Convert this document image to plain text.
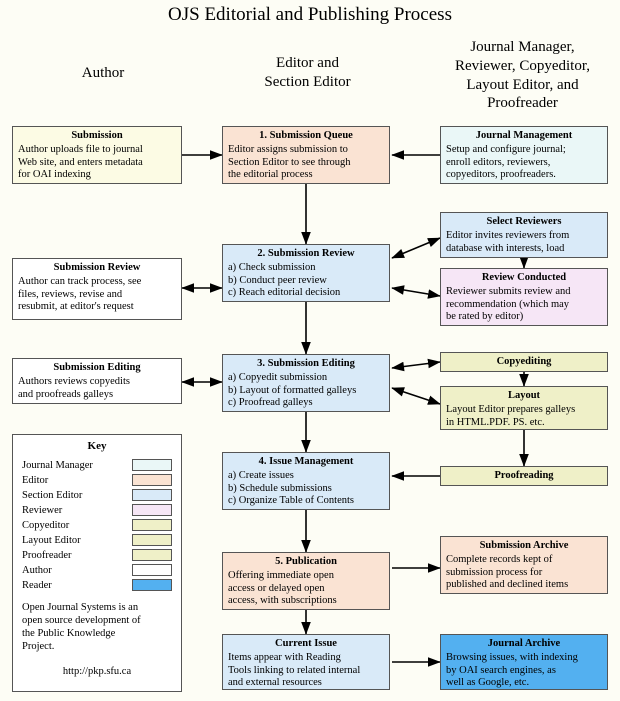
OJS Editorial and Publishing Process
Submission
Author uploads file to journal
Web site, and enters metadata
for OAI indexing
1. Submission Queue
Editor assigns submission to
Section Editor to see through
the editorial process
Journal Management
Setup and configure journal;
enroll editors, reviewers,
copyeditors, proofreaders.
Select Reviewers
Editor invites reviewers from
database with interests, load
2. Submission Review
a) Check submission
b) Conduct peer review
c) Reach editorial decision
Review Conducted
Reviewer submits review and
recommendation (which may
be rated by editor)
Submission Review
Author can track process, see
files, reviews, revise and
resubmit, at editor's request
Submission Editing
Authors reviews copyedits
and proofreads galleys
3. Submission Editing
a) Copyedit submission
b) Layout of formatted galleys
c) Proofread galleys
Copyediting
Layout
Layout Editor prepares galleys
in HTML.PDF. PS. etc.
Proofreading
4. Issue Management
a) Create issues
b) Schedule submissions
c) Organize Table of Contents
5. Publication
Offering immediate open
access or delayed open
access, with subscriptions
Submission Archive
Complete records kept of
submission process for
published and declined items
Current Issue
Items appear with Reading
Tools linking to related internal
and external resources
Journal Archive
Browsing issues, with indexing
by OAI search engines, as
well as Google, etc.
Key
Journal Manager
Editor
Section Editor
Reviewer
Copyeditor
Layout Editor
Proofreader
Author
Reader
Open Journal Systems is an
open source development of
the Public Knowledge
Project.
http://pkp.sfu.ca
Author
Editor and
Section Editor
Journal Manager,
Reviewer, Copyeditor,
Layout Editor, and
Proofreader
